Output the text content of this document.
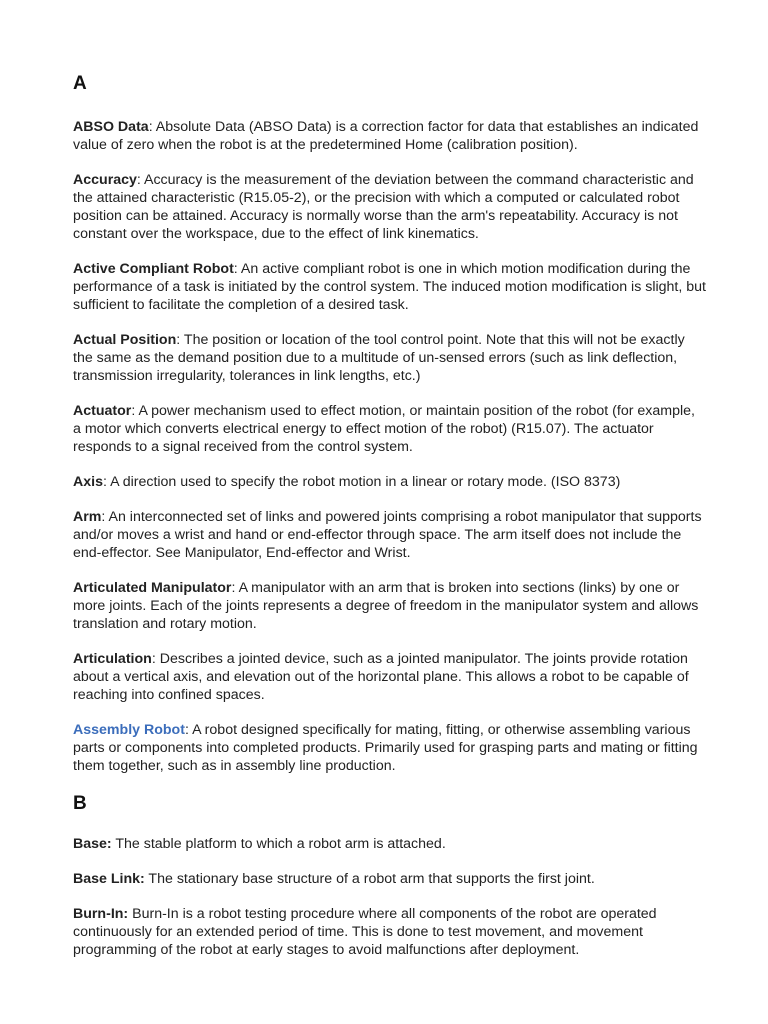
A

ABSO Data: Absolute Data (ABSO Data) is a correction factor for data that establishes an indicated value of zero when the robot is at the predetermined Home (calibration position).

Accuracy: Accuracy is the measurement of the deviation between the command characteristic and the attained characteristic (R15.05-2), or the precision with which a computed or calculated robot position can be attained. Accuracy is normally worse than the arm's repeatability. Accuracy is not constant over the workspace, due to the effect of link kinematics.

Active Compliant Robot: An active compliant robot is one in which motion modification during the performance of a task is initiated by the control system. The induced motion modification is slight, but sufficient to facilitate the completion of a desired task.

Actual Position: The position or location of the tool control point. Note that this will not be exactly the same as the demand position due to a multitude of un-sensed errors (such as link deflection, transmission irregularity, tolerances in link lengths, etc.)

Actuator: A power mechanism used to effect motion, or maintain position of the robot (for example, a motor which converts electrical energy to effect motion of the robot) (R15.07). The actuator responds to a signal received from the control system.

Axis: A direction used to specify the robot motion in a linear or rotary mode. (ISO 8373)

Arm: An interconnected set of links and powered joints comprising a robot manipulator that supports and/or moves a wrist and hand or end-effector through space. The arm itself does not include the end-effector. See Manipulator, End-effector and Wrist.

Articulated Manipulator: A manipulator with an arm that is broken into sections (links) by one or more joints. Each of the joints represents a degree of freedom in the manipulator system and allows translation and rotary motion.

Articulation: Describes a jointed device, such as a jointed manipulator. The joints provide rotation about a vertical axis, and elevation out of the horizontal plane. This allows a robot to be capable of reaching into confined spaces.

Assembly Robot: A robot designed specifically for mating, fitting, or otherwise assembling various parts or components into completed products. Primarily used for grasping parts and mating or fitting them together, such as in assembly line production.

B

Base: The stable platform to which a robot arm is attached.

Base Link: The stationary base structure of a robot arm that supports the first joint.

Burn-In: Burn-In is a robot testing procedure where all components of the robot are operated continuously for an extended period of time. This is done to test movement, and movement programming of the robot at early stages to avoid malfunctions after deployment.
